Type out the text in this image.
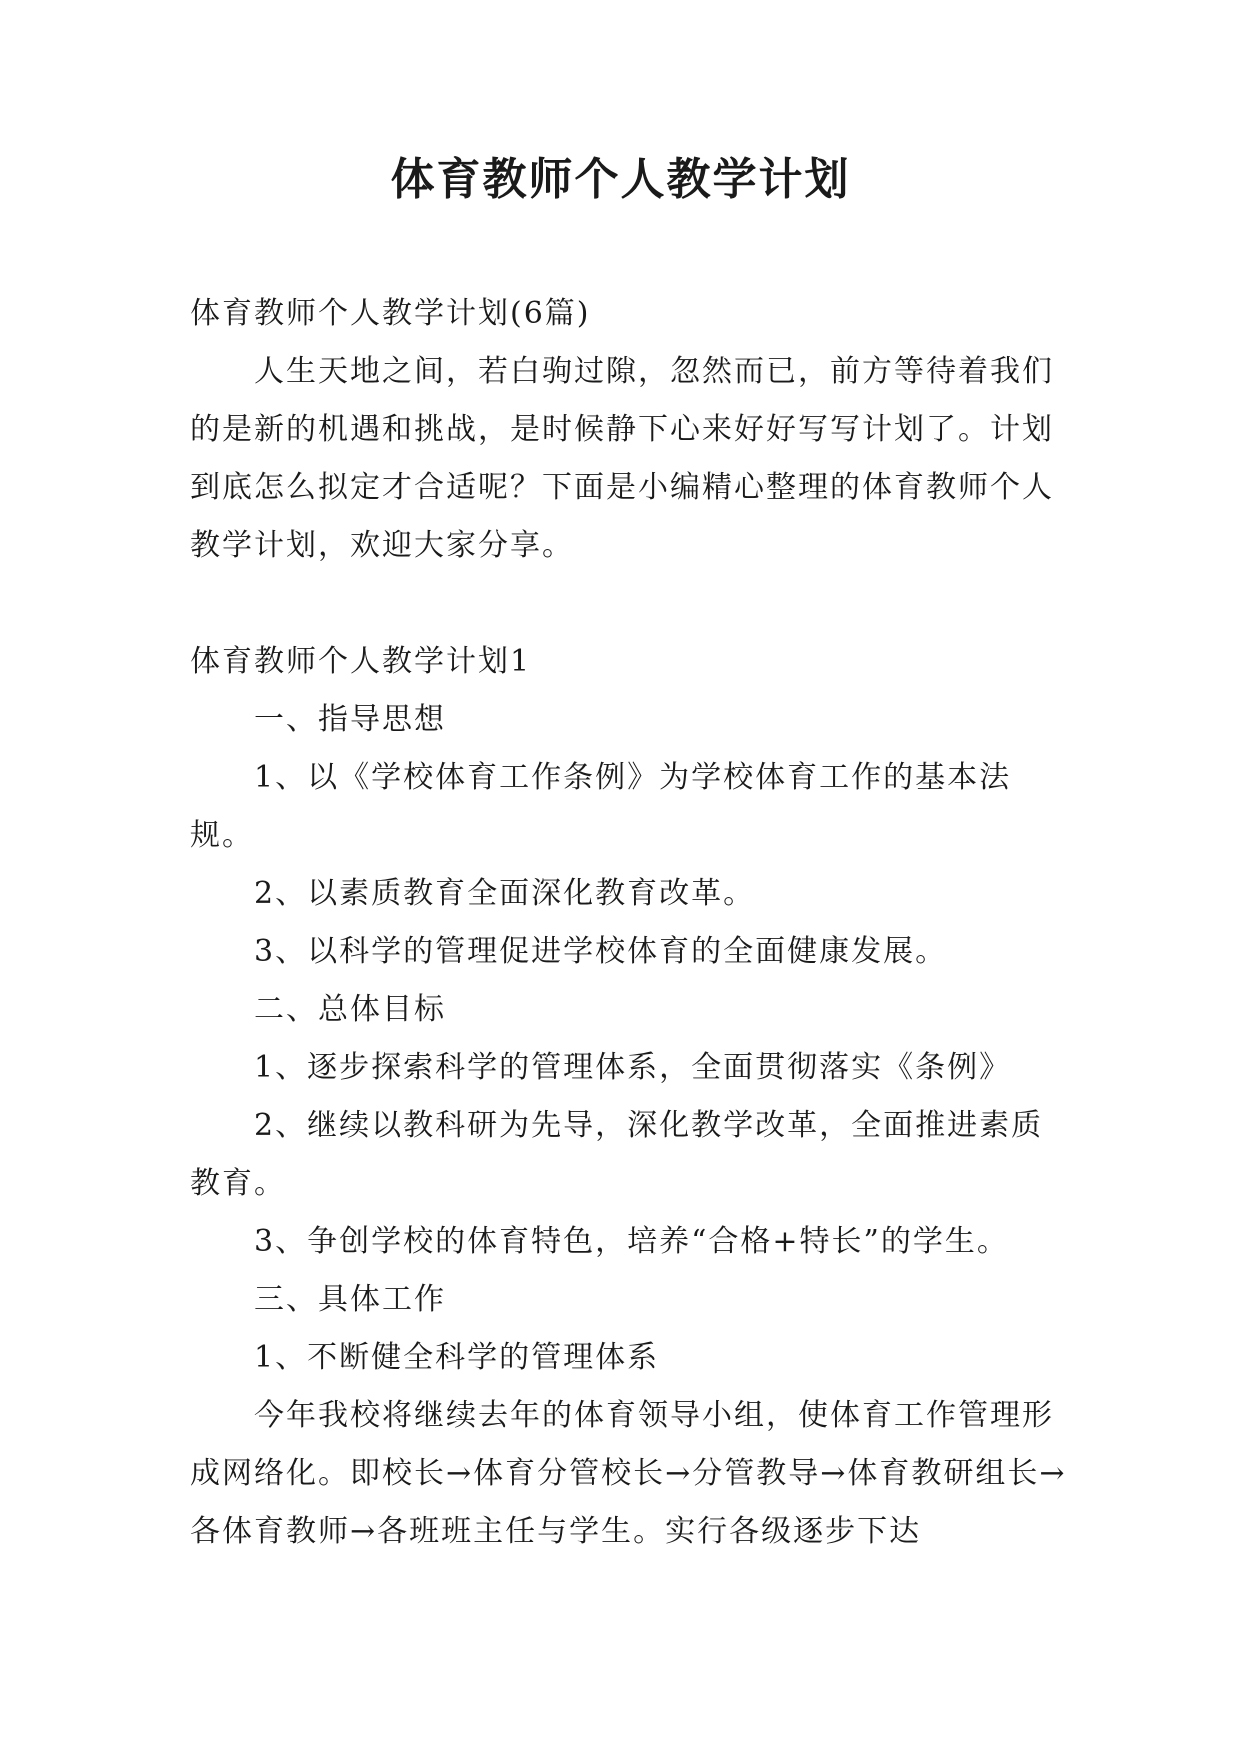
体育教师个人教学计划

体育教师个人教学计划(6篇)

人生天地之间，若白驹过隙，忽然而已，前方等待着我们的是新的机遇和挑战，是时候静下心来好好写写计划了。计划到底怎么拟定才合适呢？下面是小编精心整理的体育教师个人教学计划，欢迎大家分享。

体育教师个人教学计划1

一、指导思想

1、以《学校体育工作条例》为学校体育工作的基本法规。

2、以素质教育全面深化教育改革。

3、以科学的管理促进学校体育的全面健康发展。

二、总体目标

1、逐步探索科学的管理体系，全面贯彻落实《条例》

2、继续以教科研为先导，深化教学改革，全面推进素质教育。

3、争创学校的体育特色，培养“合格+特长”的学生。

三、具体工作

1、不断健全科学的管理体系

今年我校将继续去年的体育领导小组，使体育工作管理形成网络化。即校长→体育分管校长→分管教导→体育教研组长→各体育教师→各班班主任与学生。实行各级逐步下达
